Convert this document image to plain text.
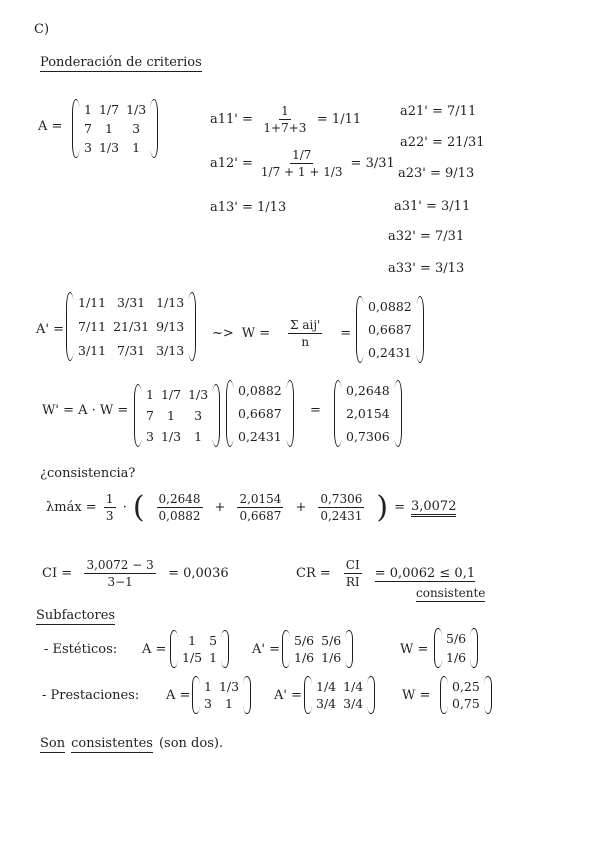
C)
Ponderación de criterios
A =
1 1/7 1/3
7 1 3
3 1/3 1
$a11' = \frac{1}{1+7+3} = 1/11$
$a12' = \frac{1/7}{1/7 + 1 + 1/3} = 3/31$
a13' = 1/13
a21' = 7/11
a22' = 21/31
a23' = 9/13
a31' = 3/11
a32' = 7/31
a33' = 3/13
A' =
1/11 3/31 1/13
7/11 21/31 9/13
3/11 7/31 3/13
~> $W = \frac{\text{Σ aij'}}{n}$ =
0,0882
0,6687
0,2431
W' = A · W =
1 1/7 1/3
7 1 3
3 1/3 1
0,0882
0,6687
0,2431
=
0,2648
2,0154
0,7306
¿consistencia?
λmáx = $\frac{1}{3}$ · ( $\frac{0,2648}{0,0882} + \frac{2,0154}{0,6687} + \frac{0,7306}{0,2431}$ ) = 3,0072
CI = $\frac{3,0072 - 3}{3-1} = 0,0036$	CR = $\frac{CI}{RI} = 0,0062 \le 0,1$
consistente
Subfactores
- Estéticos: A =
1 5
1/5 1
A' =
5/6 5/6
1/6 1/6
W =
5/6
1/6
- Prestaciones: A =
1 1/3
3 1
A' =
1/4 1/4
3/4 3/4
W =
0,25
0,75
Son consistentes (son dos).
